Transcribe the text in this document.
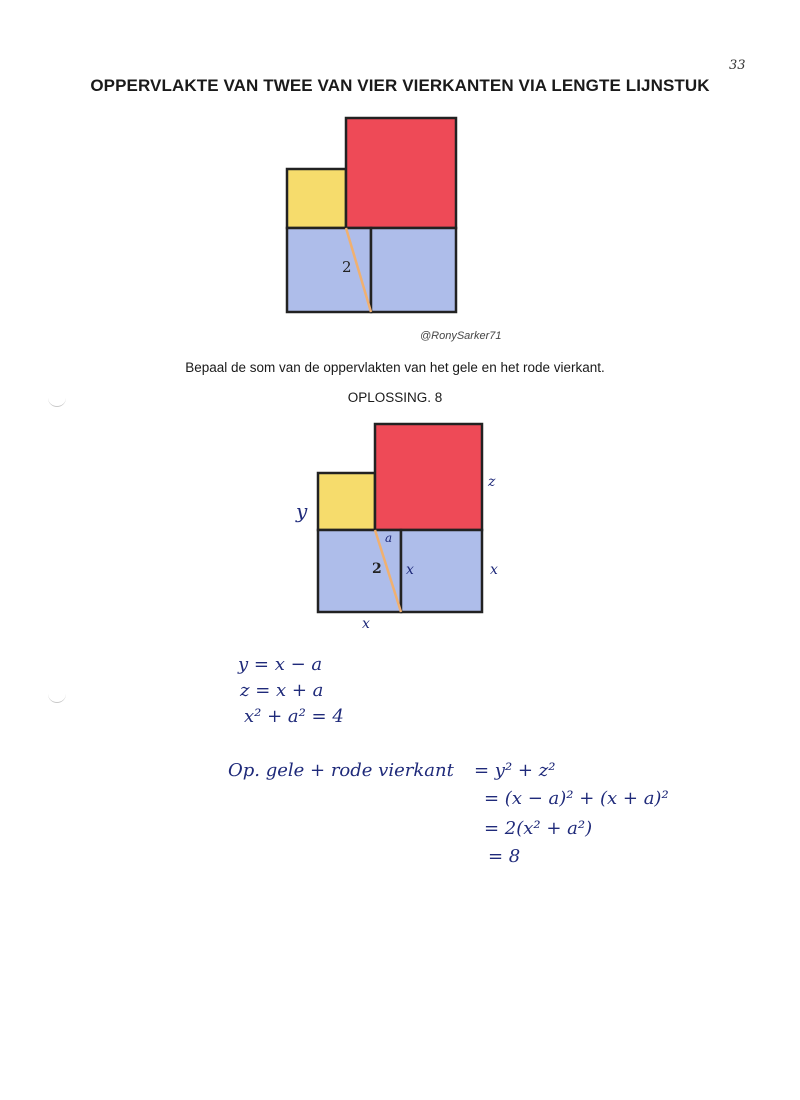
33
OPPERVLAKTE VAN TWEE VAN VIER VIERKANTEN VIA LENGTE LIJNSTUK
2
@RonySarker71
Bepaal de som van de oppervlakten van het gele en het rode vierkant.
OPLOSSING. 8
2
a
x	x
x
z
y
y = x − a
z = x + a
x² + a² = 4
Op. gele + rode vierkant = y² + z²
= (x − a)² + (x + a)²
= 2(x² + a²)
= 8
